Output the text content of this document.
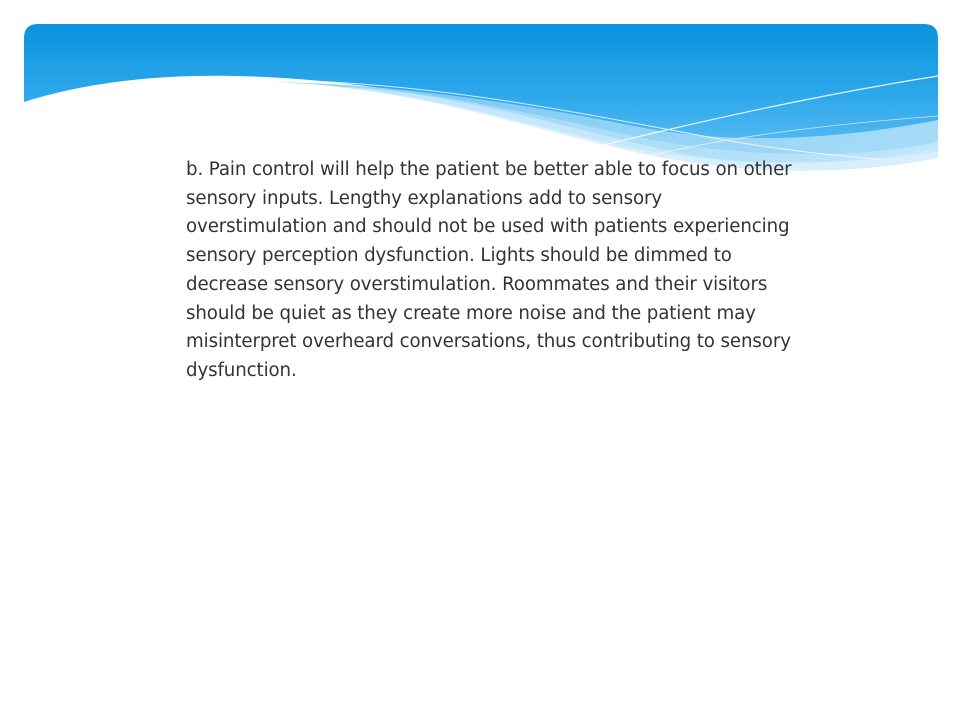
b. Pain control will help the patient be better able to focus on other sensory inputs. Lengthy explanations add to sensory overstimulation and should not be used with patients experiencing sensory perception dysfunction. Lights should be dimmed to decrease sensory overstimulation. Roommates and their visitors should be quiet as they create more noise and the patient may misinterpret overheard conversations, thus contributing to sensory dysfunction.
